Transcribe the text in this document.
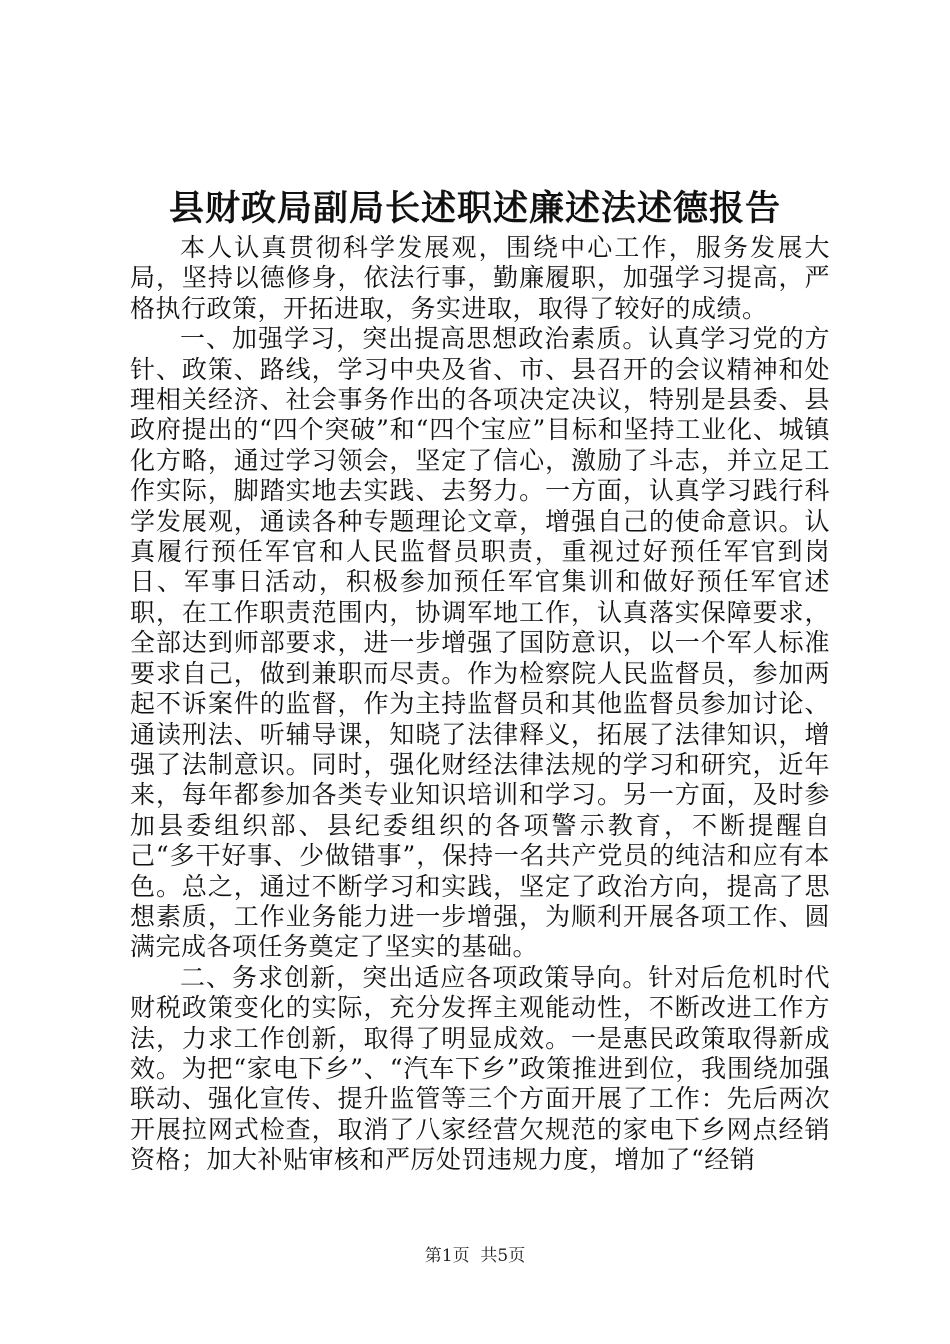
县财政局副局长述职述廉述法述德报告

本人认真贯彻科学发展观，围绕中心工作，服务发展大局，坚持以德修身，依法行事，勤廉履职，加强学习提高，严格执行政策，开拓进取，务实进取，取得了较好的成绩。

一、加强学习，突出提高思想政治素质。认真学习党的方针、政策、路线，学习中央及省、市、县召开的会议精神和处理相关经济、社会事务作出的各项决定决议，特别是县委、县政府提出的“四个突破”和“四个宝应”目标和坚持工业化、城镇化方略，通过学习领会，坚定了信心，激励了斗志，并立足工作实际，脚踏实地去实践、去努力。一方面，认真学习践行科学发展观，通读各种专题理论文章，增强自己的使命意识。认真履行预任军官和人民监督员职责，重视过好预任军官到岗日、军事日活动，积极参加预任军官集训和做好预任军官述职，在工作职责范围内，协调军地工作，认真落实保障要求，全部达到师部要求，进一步增强了国防意识，以一个军人标准要求自己，做到兼职而尽责。作为检察院人民监督员，参加两起不诉案件的监督，作为主持监督员和其他监督员参加讨论、通读刑法、听辅导课，知晓了法律释义，拓展了法律知识，增强了法制意识。同时，强化财经法律法规的学习和研究，近年来，每年都参加各类专业知识培训和学习。另一方面，及时参加县委组织部、县纪委组织的各项警示教育，不断提醒自己“多干好事、少做错事”，保持一名共产党员的纯洁和应有本色。总之，通过不断学习和实践，坚定了政治方向，提高了思想素质，工作业务能力进一步增强，为顺利开展各项工作、圆满完成各项任务奠定了坚实的基础。

二、务求创新，突出适应各项政策导向。针对后危机时代财税政策变化的实际，充分发挥主观能动性，不断改进工作方法，力求工作创新，取得了明显成效。一是惠民政策取得新成效。为把“家电下乡”、“汽车下乡”政策推进到位，我围绕加强联动、强化宣传、提升监管等三个方面开展了工作：先后两次开展拉网式检查，取消了八家经营欠规范的家电下乡网点经销资格；加大补贴审核和严厉处罚违规力度，增加了“经销

第1页 共5页
